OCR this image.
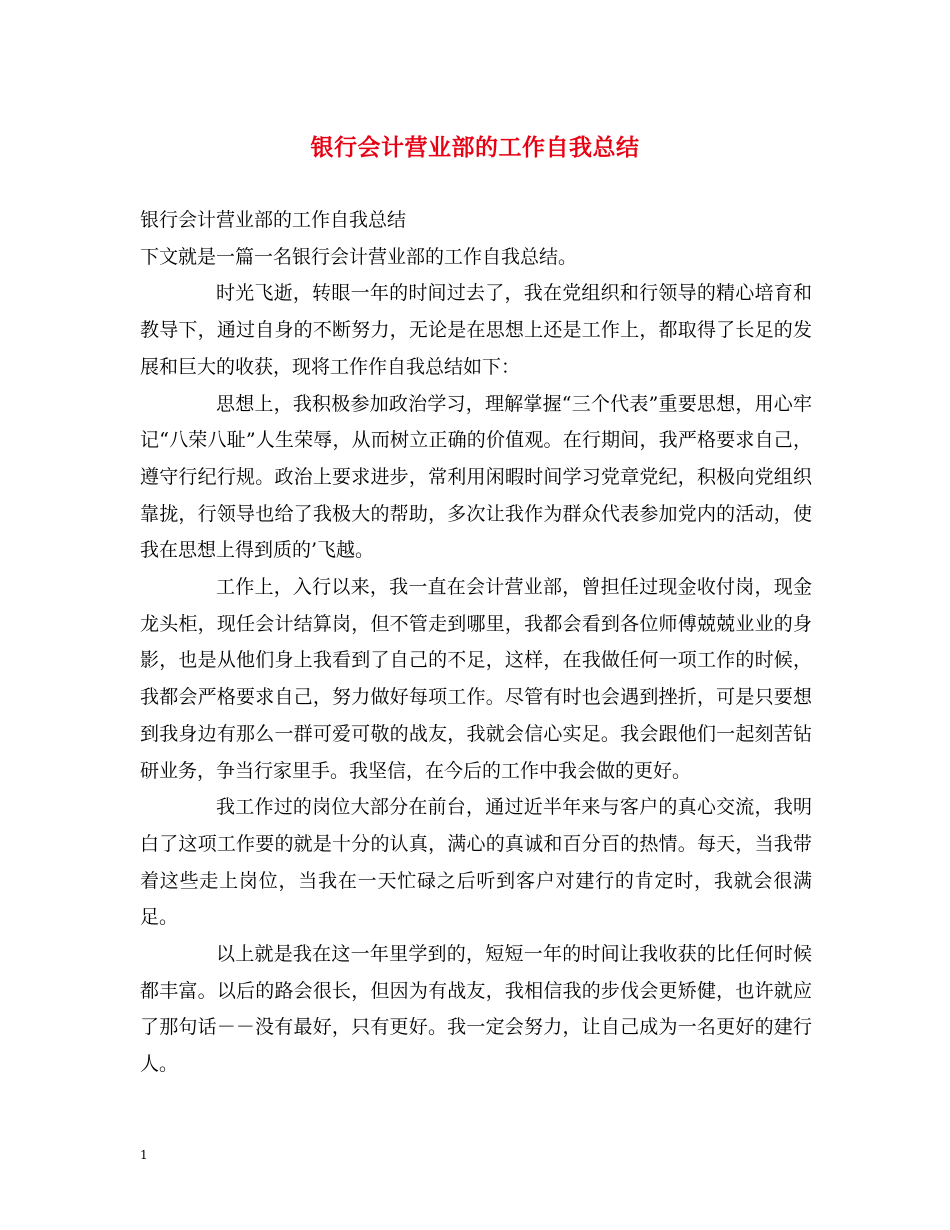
银行会计营业部的工作自我总结

银行会计营业部的工作自我总结

下文就是一篇一名银行会计营业部的工作自我总结。

时光飞逝，转眼一年的时间过去了，我在党组织和行领导的精心培育和教导下，通过自身的不断努力，无论是在思想上还是工作上，都取得了长足的发展和巨大的收获，现将工作作自我总结如下：

思想上，我积极参加政治学习，理解掌握“三个代表”重要思想，用心牢记“八荣八耻”人生荣辱，从而树立正确的价值观。在行期间，我严格要求自己，遵守行纪行规。政治上要求进步，常利用闲暇时间学习党章党纪，积极向党组织靠拢，行领导也给了我极大的帮助，多次让我作为群众代表参加党内的活动，使我在思想上得到质的’飞越。

工作上，入行以来，我一直在会计营业部，曾担任过现金收付岗，现金龙头柜，现任会计结算岗，但不管走到哪里，我都会看到各位师傅兢兢业业的身影，也是从他们身上我看到了自己的不足，这样，在我做任何一项工作的时候，我都会严格要求自己，努力做好每项工作。尽管有时也会遇到挫折，可是只要想到我身边有那么一群可爱可敬的战友，我就会信心实足。我会跟他们一起刻苦钻研业务，争当行家里手。我坚信，在今后的工作中我会做的更好。

我工作过的岗位大部分在前台，通过近半年来与客户的真心交流，我明白了这项工作要的就是十分的认真，满心的真诚和百分百的热情。每天，当我带着这些走上岗位，当我在一天忙碌之后听到客户对建行的肯定时，我就会很满足。

以上就是我在这一年里学到的，短短一年的时间让我收获的比任何时候都丰富。以后的路会很长，但因为有战友，我相信我的步伐会更矫健，也许就应了那句话－－没有最好，只有更好。我一定会努力，让自己成为一名更好的建行人。

1
